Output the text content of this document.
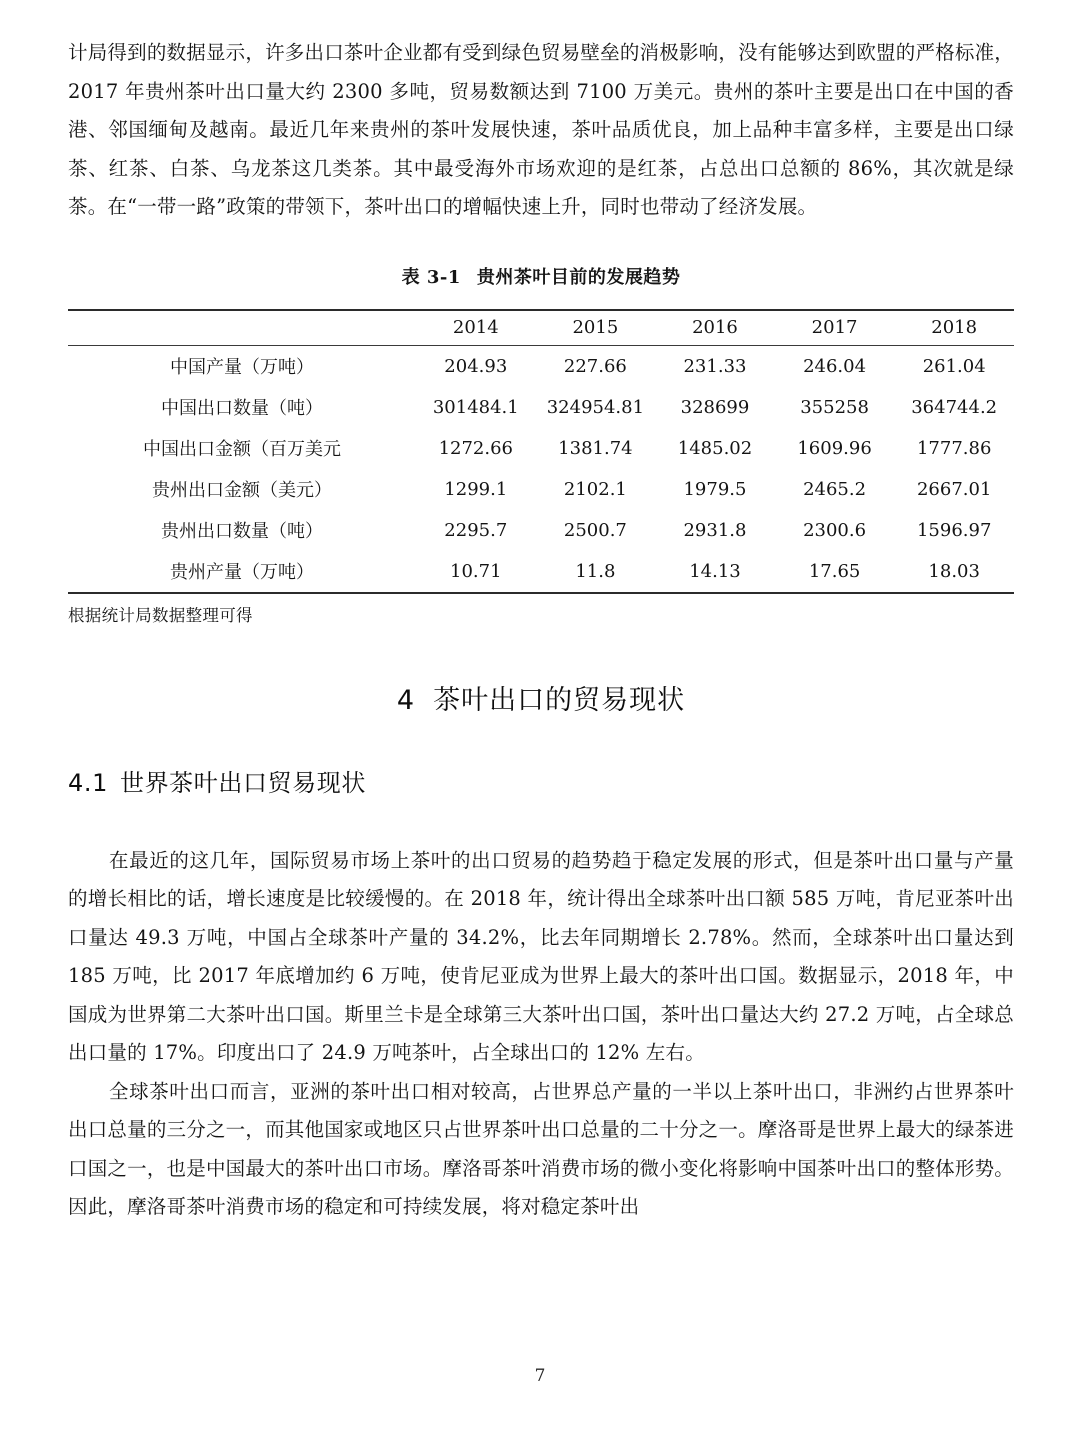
计局得到的数据显示，许多出口茶叶企业都有受到绿色贸易壁垒的消极影响，没有能够达到欧盟的严格标准，2017 年贵州茶叶出口量大约 2300 多吨，贸易数额达到 7100 万美元。贵州的茶叶主要是出口在中国的香港、邻国缅甸及越南。最近几年来贵州的茶叶发展快速，茶叶品质优良，加上品种丰富多样，主要是出口绿茶、红茶、白茶、乌龙茶这几类茶。其中最受海外市场欢迎的是红茶，占总出口总额的 86%，其次就是绿茶。在“一带一路”政策的带领下，茶叶出口的增幅快速上升，同时也带动了经济发展。

表 3-1 贵州茶叶目前的发展趋势

	2014	2015	2016	2017	2018
中国产量（万吨）	204.93	227.66	231.33	246.04	261.04
中国出口数量（吨）	301484.1	324954.81	328699	355258	364744.2
中国出口金额（百万美元	1272.66	1381.74	1485.02	1609.96	1777.86
贵州出口金额（美元）	1299.1	2102.1	1979.5	2465.2	2667.01
贵州出口数量（吨）	2295.7	2500.7	2931.8	2300.6	1596.97
贵州产量（万吨）	10.71	11.8	14.13	17.65	18.03

根据统计局数据整理可得

4 茶叶出口的贸易现状
4.1 世界茶叶出口贸易现状

在最近的这几年，国际贸易市场上茶叶的出口贸易的趋势趋于稳定发展的形式，但是茶叶出口量与产量的增长相比的话，增长速度是比较缓慢的。在 2018 年，统计得出全球茶叶出口额 585 万吨，肯尼亚茶叶出口量达 49.3 万吨，中国占全球茶叶产量的 34.2%，比去年同期增长 2.78%。然而，全球茶叶出口量达到 185 万吨，比 2017 年底增加约 6 万吨，使肯尼亚成为世界上最大的茶叶出口国。数据显示，2018 年，中国成为世界第二大茶叶出口国。斯里兰卡是全球第三大茶叶出口国，茶叶出口量达大约 27.2 万吨，占全球总出口量的 17%。印度出口了 24.9 万吨茶叶，占全球出口的 12% 左右。

全球茶叶出口而言，亚洲的茶叶出口相对较高，占世界总产量的一半以上茶叶出口，非洲约占世界茶叶出口总量的三分之一，而其他国家或地区只占世界茶叶出口总量的二十分之一。摩洛哥是世界上最大的绿茶进口国之一，也是中国最大的茶叶出口市场。摩洛哥茶叶消费市场的微小变化将影响中国茶叶出口的整体形势。因此，摩洛哥茶叶消费市场的稳定和可持续发展，将对稳定茶叶出

7
